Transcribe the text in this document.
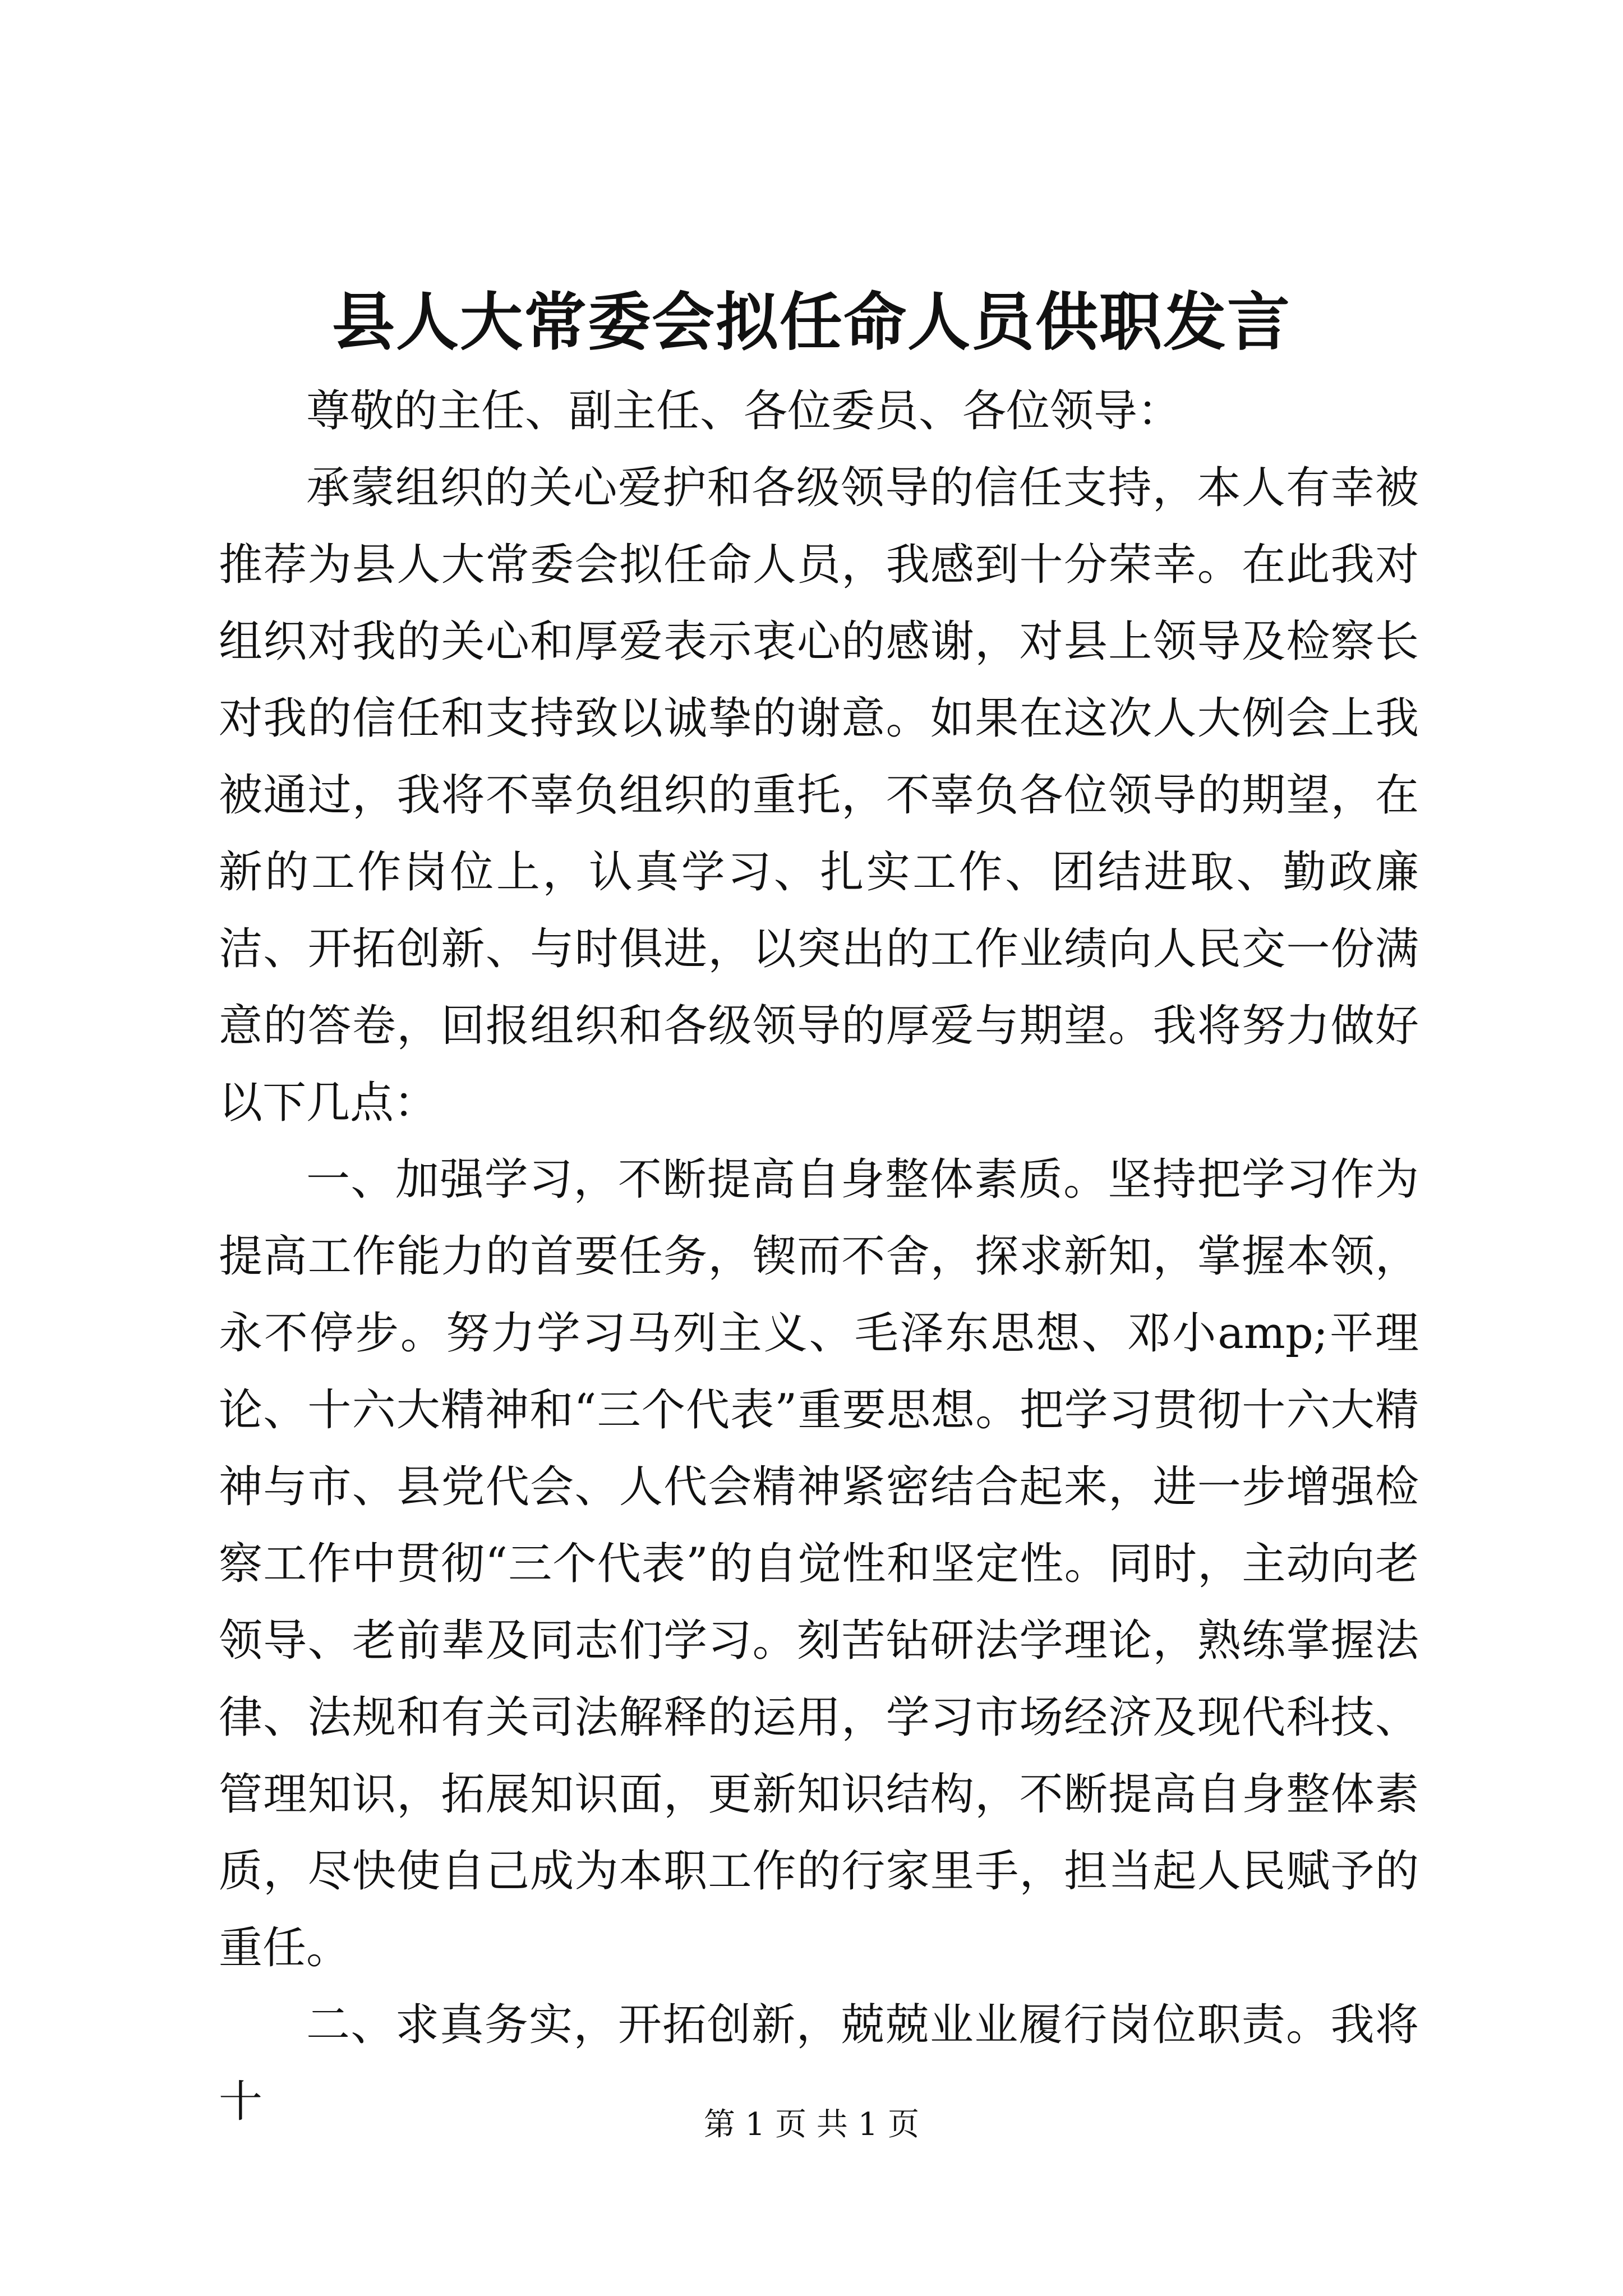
县人大常委会拟任命人员供职发言

尊敬的主任、副主任、各位委员、各位领导：

承蒙组织的关心爱护和各级领导的信任支持，本人有幸被推荐为县人大常委会拟任命人员，我感到十分荣幸。在此我对组织对我的关心和厚爱表示衷心的感谢，对县上领导及检察长对我的信任和支持致以诚挚的谢意。如果在这次人大例会上我被通过，我将不辜负组织的重托，不辜负各位领导的期望，在新的工作岗位上，认真学习、扎实工作、团结进取、勤政廉洁、开拓创新、与时俱进，以突出的工作业绩向人民交一份满意的答卷，回报组织和各级领导的厚爱与期望。我将努力做好以下几点：

一、加强学习，不断提高自身整体素质。坚持把学习作为提高工作能力的首要任务，锲而不舍，探求新知，掌握本领，永不停步。努力学习马列主义、毛泽东思想、邓小amp;平理论、十六大精神和“三个代表”重要思想。把学习贯彻十六大精神与市、县党代会、人代会精神紧密结合起来，进一步增强检察工作中贯彻“三个代表”的自觉性和坚定性。同时，主动向老领导、老前辈及同志们学习。刻苦钻研法学理论，熟练掌握法律、法规和有关司法解释的运用，学习市场经济及现代科技、管理知识，拓展知识面，更新知识结构，不断提高自身整体素质，尽快使自己成为本职工作的行家里手，担当起人民赋予的重任。

二、求真务实，开拓创新，兢兢业业履行岗位职责。我将十	第 1 页 共 1 页
